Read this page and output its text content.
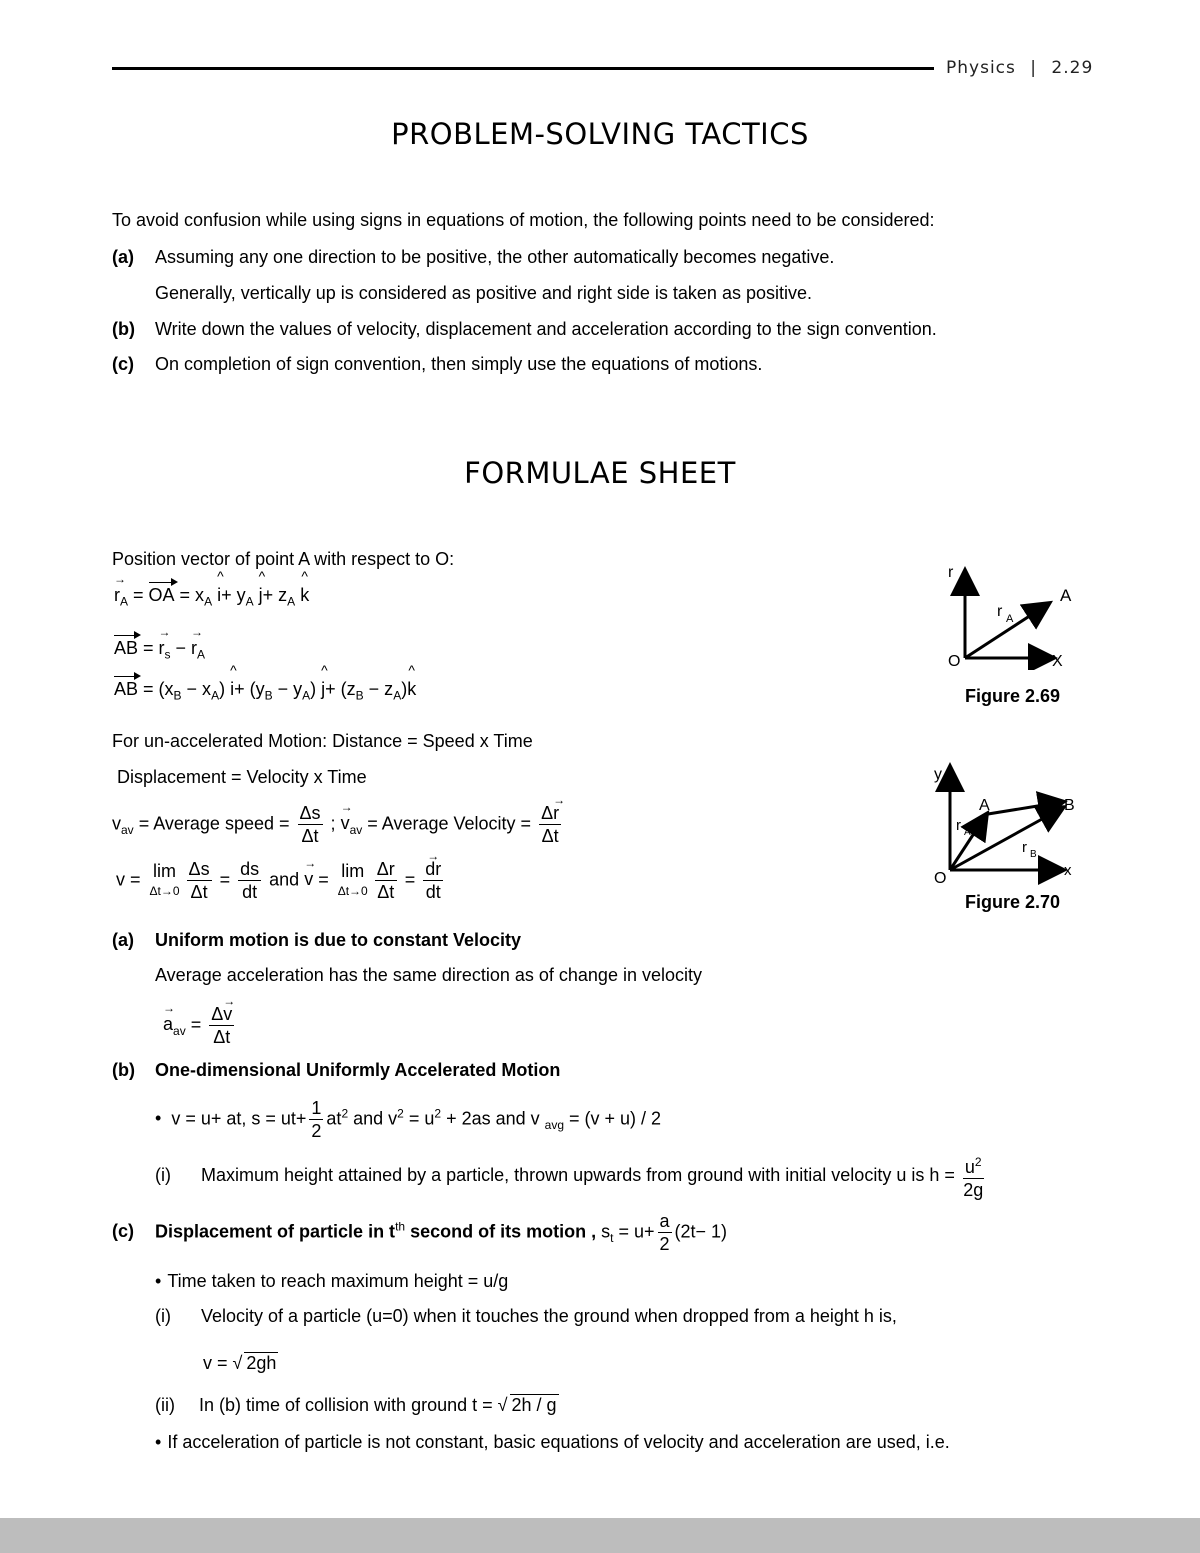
Physics | 2.29
PROBLEM-SOLVING TACTICS
To avoid confusion while using signs in equations of motion, the following points need to be considered:
(a) Assuming any one direction to be positive, the other automatically becomes negative.
Generally, vertically up is considered as positive and right side is taken as positive.
(b) Write down the values of velocity, displacement and acceleration according to the sign convention.
(c) On completion of sign convention, then simply use the equations of motions.
FORMULAE SHEET
Position vector of point A with respect to O:
→ $r_A$ = OA = $x_A$ ^ $i+ y_A$ ^ $j+ z_A$ ^ k
AB = → $r_s$ − → $r_A$
AB = $(x_B - x_A)$ ^ $i+ (y_B - y_A)$ ^ $j+ (z_B$ − $z_A)\^{}$ k
For un-accelerated Motion: Distance = Speed x Time
Displacement = Velocity x Time
$v_{av}$ = Average speed = $\frac{\Delta s}{\Delta t}$ ; → $v_{av}$ = Average Velocity = $\frac{\Delta\to r}{\Delta t}$
v = lim
$\Delta t\to 0 \frac{\Delta s}{\Delta t} = \frac{ds}{dt}$ and → v = lim
$\Delta t\to 0 \frac{\Delta r}{\Delta t}$ = → $\frac{dr}{dt}$
(a) Uniform motion is due to constant Velocity
Average acceleration has the same direction as of change in velocity
→ $a_{av} = \frac{\Delta\to v}{\Delta t}$
(b) One-dimensional Uniformly Accelerated Motion
• v = u+ at, $s = ut+ \frac{1}{2} at^2$ and $v^2 = u^2 + 2as$ and v $_{avg}$ = (v + u) / 2
(i) Maximum height attained by a particle, thrown upwards from ground with initial velocity u is $h = \frac{u^2}{2g}$
(c) Displacement of particle in $t^{th}$ second of its motion , $s_t = u+ \frac{a}{2} (2t- 1)$
• Time taken to reach maximum height = u/g
(i) Velocity of a particle (u=0) when it touches the ground when dropped from a height h is,
v = √ 2gh
(ii) In (b) time of collision with ground t = √ 2h / g
• If acceleration of particle is not constant, basic equations of velocity and acceleration are used, i.e.
r
A
r A
O	X
Figure 2.69
y
A	B
r A
r B
O	x
Figure 2.70
